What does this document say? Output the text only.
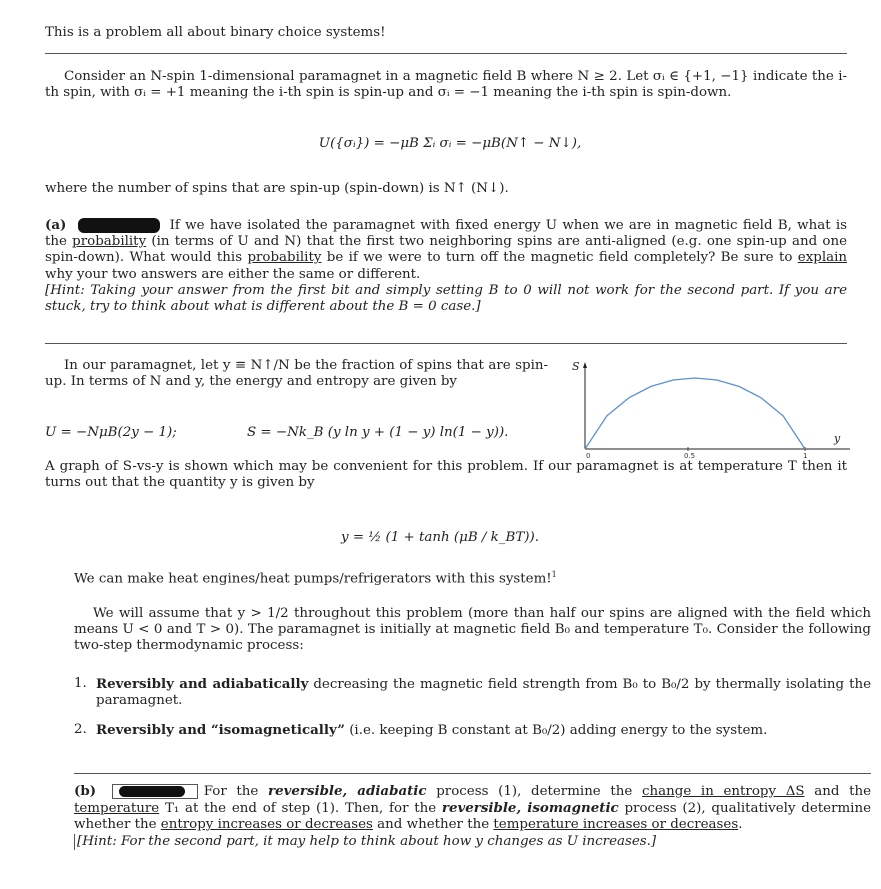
This is a problem all about binary choice systems!

Consider an N-spin 1-dimensional paramagnet in a magnetic field B where N ≥ 2. Let σᵢ ∈ {+1, −1} indicate the i-th spin, with σᵢ = +1 meaning the i-th spin is spin-up and σᵢ = −1 meaning the i-th spin is spin-down.

U({σᵢ}) = −μB Σᵢ σᵢ = −μB(N↑ − N↓),

where the number of spins that are spin-up (spin-down) is N↑ (N↓).

(a)	If we have isolated the paramagnet with fixed energy U when we are in magnetic field B, what is the probability (in terms of U and N) that the first two neighboring spins are anti-aligned (e.g. one spin-up and one spin-down). What would this probability be if we were to turn off the magnetic field completely? Be sure to explain why your two answers are either the same or different.
[Hint: Taking your answer from the first bit and simply setting B to 0 will not work for the second part. If you are stuck, try to think about what is different about the B = 0 case.]

In our paramagnet, let y ≡ N↑/N be the fraction of spins that are spin-up. In terms of N and y, the energy and entropy are given by

U = −NμB(2y − 1);	S = −Nk_B (y ln y + (1 − y) ln(1 − y)).

A graph of S-vs-y is shown which may be convenient for this problem. If our paramagnet is at temperature T then it turns out that the quantity y is given by

S
y
0	0.5	1
y = ½ (1 + tanh (μB / k_BT)).
We can make heat engines/heat pumps/refrigerators with this system!$^1$

We will assume that y > 1/2 throughout this problem (more than half our spins are aligned with the field which means U < 0 and T > 0). The paramagnet is initially at magnetic field B₀ and temperature T₀. Consider the following two-step thermodynamic process:

1. Reversibly and adiabatically decreasing the magnetic field strength from B₀ to B₀/2 by thermally isolating the paramagnet.
2. Reversibly and “isomagnetically” (i.e. keeping B constant at B₀/2) adding energy to the system.
(b)	For the reversible, adiabatic process (1), determine the change in entropy ΔS and the temperature T₁ at the end of step (1). Then, for the reversible, isomagnetic process (2), qualitatively determine whether the entropy increases or decreases and whether the temperature increases or decreases.
[Hint: For the second part, it may help to think about how y changes as U increases.]
